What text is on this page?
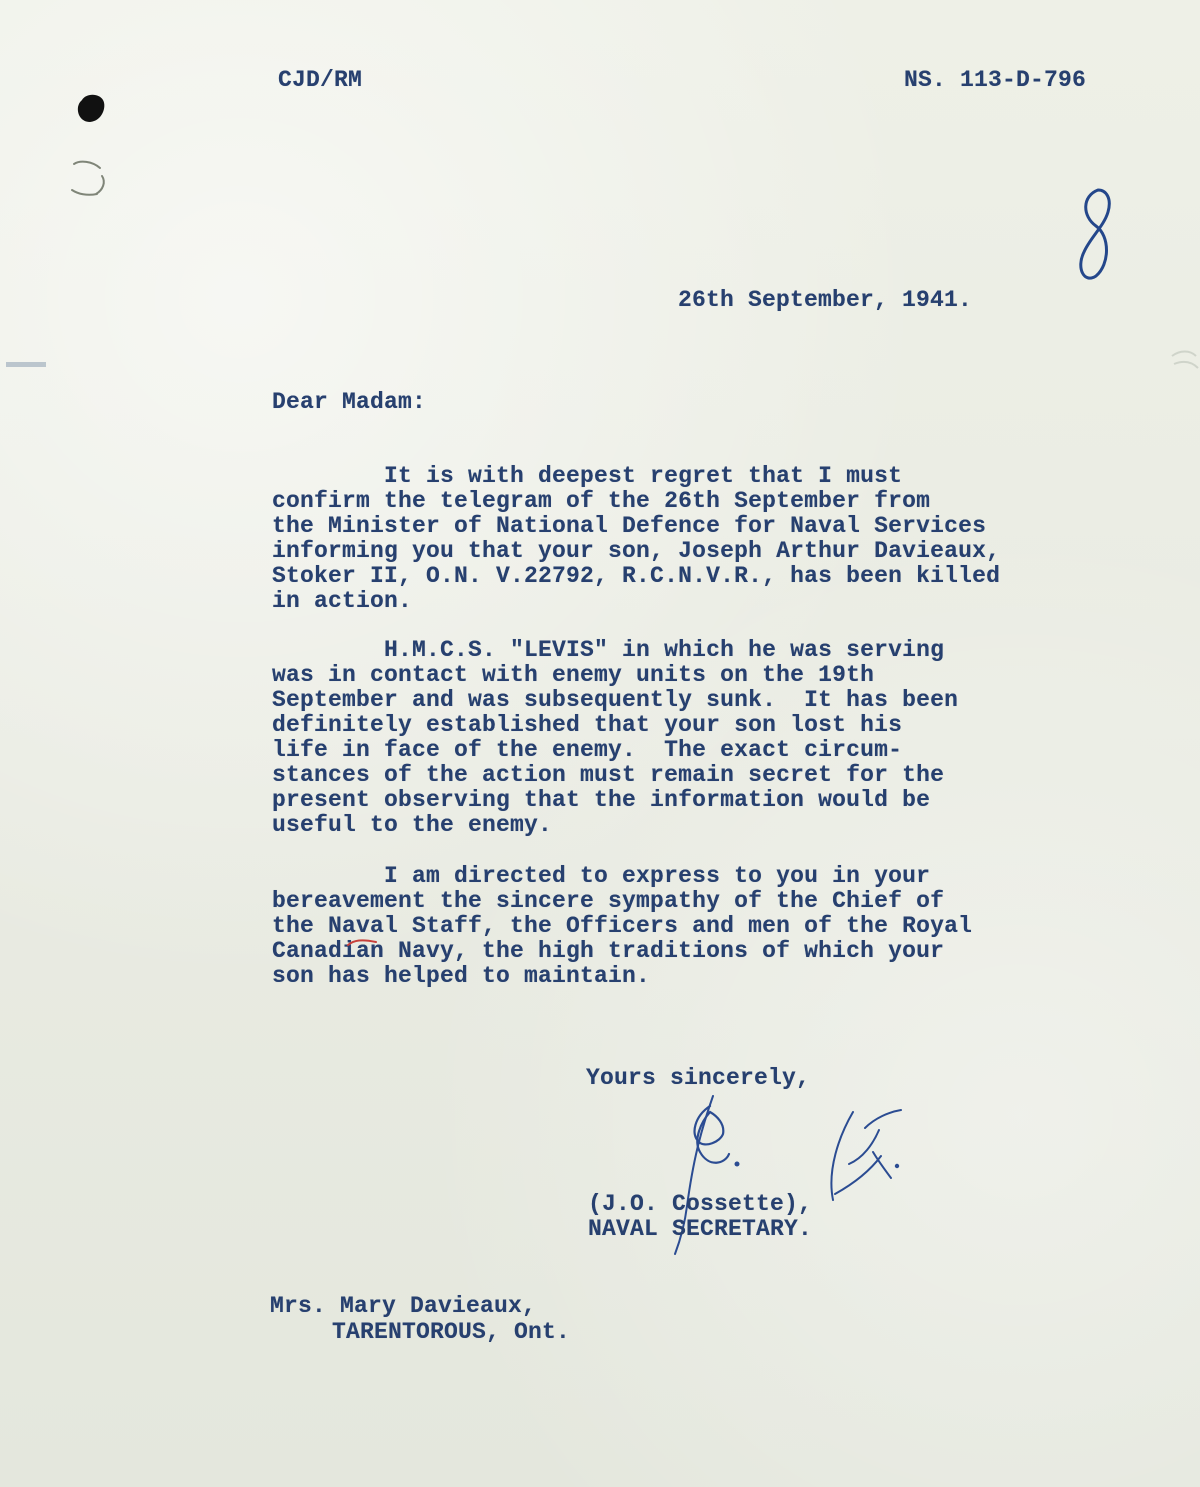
CJD/RM	NS. 113-D-796
26th September, 1941.
Dear Madam:
It is with deepest regret that I must
confirm the telegram of the 26th September from
the Minister of National Defence for Naval Services
informing you that your son, Joseph Arthur Davieaux,
Stoker II, O.N. V.22792, R.C.N.V.R., has been killed
in action.
H.M.C.S. "LEVIS" in which he was serving
was in contact with enemy units on the 19th
September and was subsequently sunk.  It has been
definitely established that your son lost his
life in face of the enemy.  The exact circum-
stances of the action must remain secret for the
present observing that the information would be
useful to the enemy.
I am directed to express to you in your
bereavement the sincere sympathy of the Chief of
the Naval Staff, the Officers and men of the Royal
Canadian Navy, the high traditions of which your
son has helped to maintain.
Yours sincerely,
(J.O. Cossette),
NAVAL SECRETARY.
Mrs. Mary Davieaux,
TARENTOROUS, Ont.
